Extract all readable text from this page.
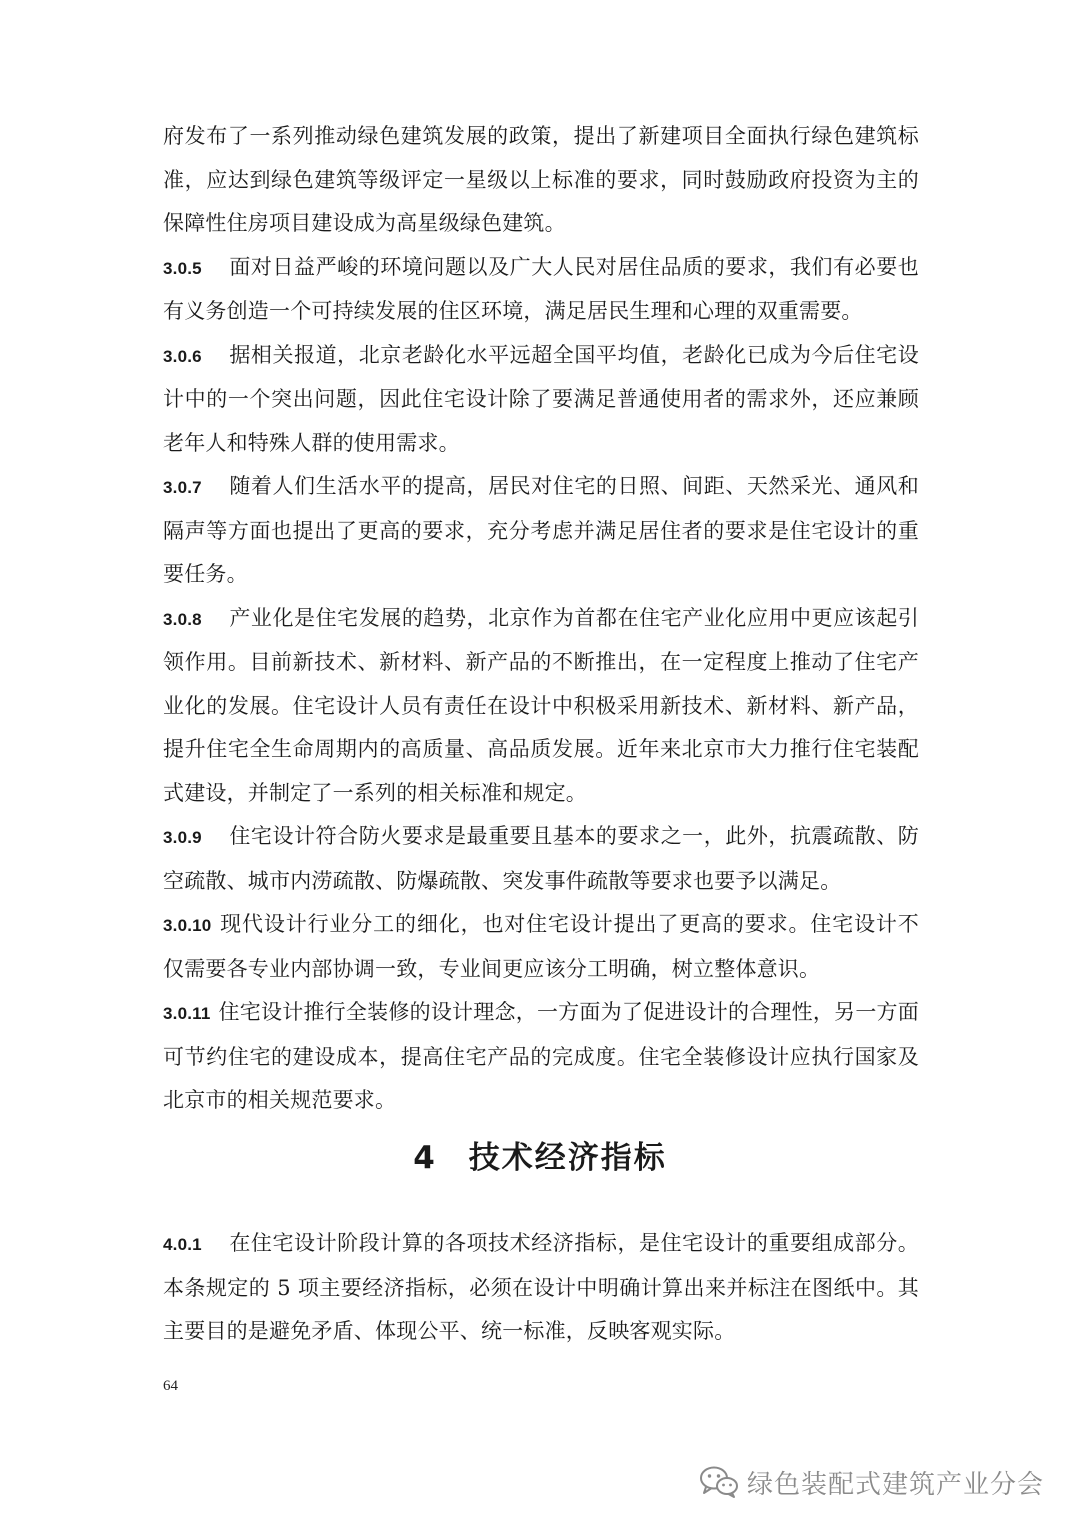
府发布了一系列推动绿色建筑发展的政策，提出了新建项目全面执行绿色建筑标准，应达到绿色建筑等级评定一星级以上标准的要求，同时鼓励政府投资为主的保障性住房项目建设成为高星级绿色建筑。

3.0.5 面对日益严峻的环境问题以及广大人民对居住品质的要求，我们有必要也有义务创造一个可持续发展的住区环境，满足居民生理和心理的双重需要。

3.0.6 据相关报道，北京老龄化水平远超全国平均值，老龄化已成为今后住宅设计中的一个突出问题，因此住宅设计除了要满足普通使用者的需求外，还应兼顾老年人和特殊人群的使用需求。

3.0.7 随着人们生活水平的提高，居民对住宅的日照、间距、天然采光、通风和隔声等方面也提出了更高的要求，充分考虑并满足居住者的要求是住宅设计的重要任务。

3.0.8 产业化是住宅发展的趋势，北京作为首都在住宅产业化应用中更应该起引领作用。目前新技术、新材料、新产品的不断推出，在一定程度上推动了住宅产业化的发展。住宅设计人员有责任在设计中积极采用新技术、新材料、新产品，提升住宅全生命周期内的高质量、高品质发展。近年来北京市大力推行住宅装配式建设，并制定了一系列的相关标准和规定。

3.0.9 住宅设计符合防火要求是最重要且基本的要求之一，此外，抗震疏散、防空疏散、城市内涝疏散、防爆疏散、突发事件疏散等要求也要予以满足。

3.0.10 现代设计行业分工的细化，也对住宅设计提出了更高的要求。住宅设计不仅需要各专业内部协调一致，专业间更应该分工明确，树立整体意识。

3.0.11 住宅设计推行全装修的设计理念，一方面为了促进设计的合理性，另一方面可节约住宅的建设成本，提高住宅产品的完成度。住宅全装修设计应执行国家及北京市的相关规范要求。

4 技术经济指标

4.0.1 在住宅设计阶段计算的各项技术经济指标，是住宅设计的重要组成部分。本条规定的 5 项主要经济指标，必须在设计中明确计算出来并标注在图纸中。其主要目的是避免矛盾、体现公平、统一标准，反映客观实际。

64
绿色装配式建筑产业分会
